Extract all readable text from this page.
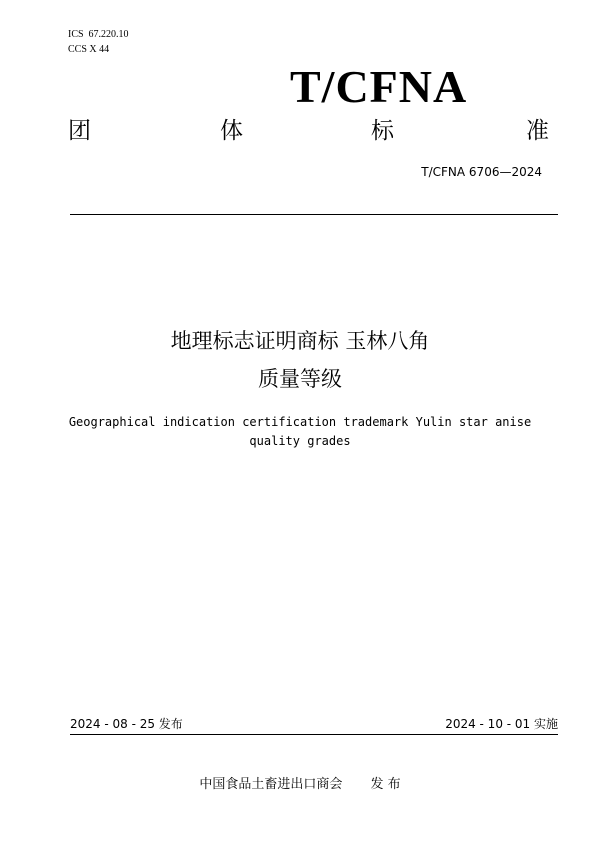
ICS  67.220.10
CCS X 44
T/CFNA
团	体	标	准
T/CFNA 6706—2024
地理标志证明商标 玉林八角
质量等级
Geographical indication certification trademark Yulin star anise quality grades
2024 - 08 - 25 发布	2024 - 10 - 01 实施
中国食品土畜进出口商会 发 布
